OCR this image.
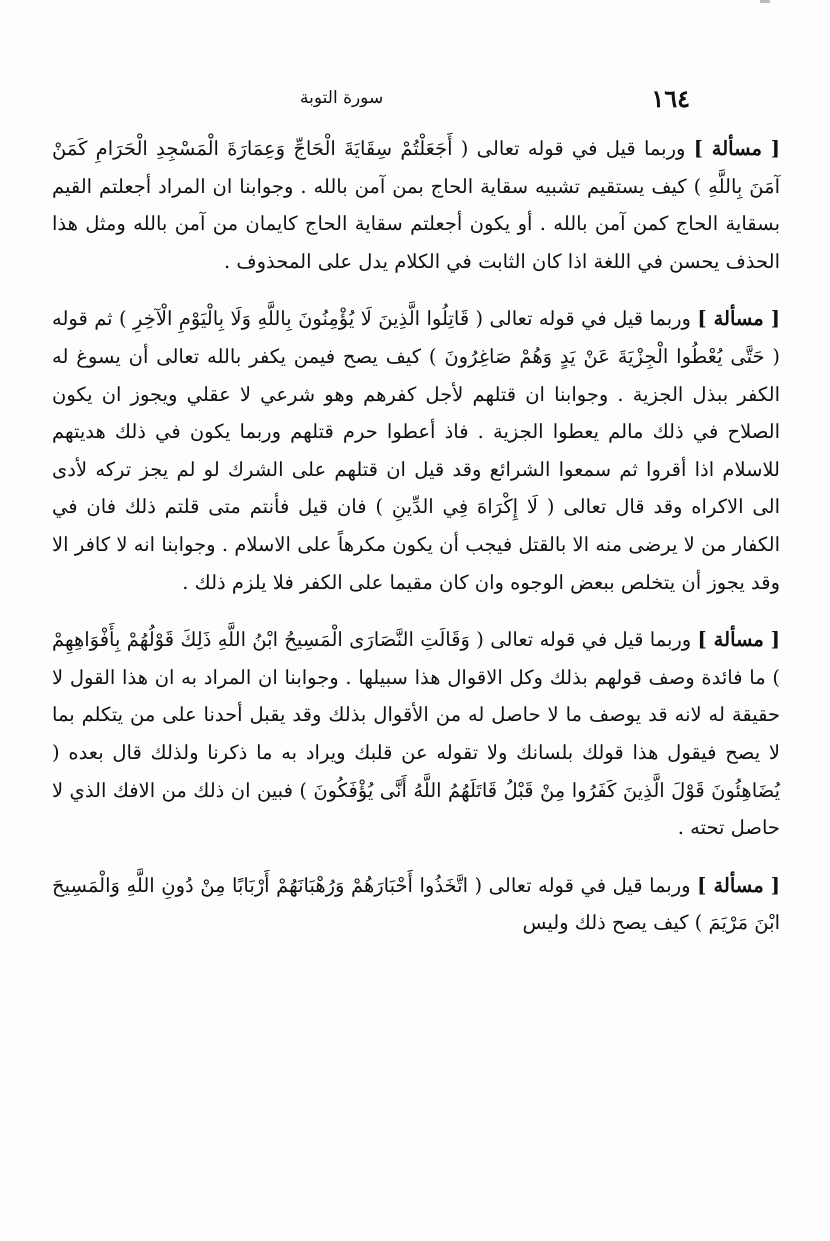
١٦٤
سورة التوبة

[ مسألة ] وربما قيل في قوله تعالى ( أَجَعَلْتُمْ سِقَايَةَ الْحَاجِّ وَعِمَارَةَ الْمَسْجِدِ الْحَرَامِ كَمَنْ آمَنَ بِاللَّهِ ) كيف يستقيم تشبيه سقاية الحاج بمن آمن بالله . وجوابنا ان المراد أجعلتم القيم بسقاية الحاج كمن آمن بالله . أو يكون أجعلتم سقاية الحاج كايمان من آمن بالله ومثل هذا الحذف يحسن في اللغة اذا كان الثابت في الكلام يدل على المحذوف .

[ مسألة ] وربما قيل في قوله تعالى ( قَاتِلُوا الَّذِينَ لَا يُؤْمِنُونَ بِاللَّهِ وَلَا بِالْيَوْمِ الْآخِرِ ) ثم قوله ( حَتَّى يُعْطُوا الْجِزْيَةَ عَنْ يَدٍ وَهُمْ صَاغِرُونَ ) كيف يصح فيمن يكفر بالله تعالى أن يسوغ له الكفر ببذل الجزية . وجوابنا ان قتلهم لأجل كفرهم وهو شرعي لا عقلي ويجوز ان يكون الصلاح في ذلك مالم يعطوا الجزية . فاذ أعطوا حرم قتلهم وربما يكون في ذلك هديتهم للاسلام اذا أقروا ثم سمعوا الشرائع وقد قيل ان قتلهم على الشرك لو لم يجز تركه لأدى الى الاكراه وقد قال تعالى ( لَا إِكْرَاهَ فِي الدِّينِ ) فان قيل فأنتم متى قلتم ذلك فان في الكفار من لا يرضى منه الا بالقتل فيجب أن يكون مكرهاً على الاسلام . وجوابنا انه لا كافر الا وقد يجوز أن يتخلص ببعض الوجوه وان كان مقيما على الكفر فلا يلزم ذلك .

[ مسألة ] وربما قيل في قوله تعالى ( وَقَالَتِ النَّصَارَى الْمَسِيحُ ابْنُ اللَّهِ ذَلِكَ قَوْلُهُمْ بِأَفْوَاهِهِمْ ) ما فائدة وصف قولهم بذلك وكل الاقوال هذا سبيلها . وجوابنا ان المراد به ان هذا القول لا حقيقة له لانه قد يوصف ما لا حاصل له من الأقوال بذلك وقد يقبل أحدنا على من يتكلم بما لا يصح فيقول هذا قولك بلسانك ولا تقوله عن قلبك ويراد به ما ذكرنا ولذلك قال بعده ( يُضَاهِئُونَ قَوْلَ الَّذِينَ كَفَرُوا مِنْ قَبْلُ قَاتَلَهُمُ اللَّهُ أَنَّى يُؤْفَكُونَ ) فبين ان ذلك من الافك الذي لا حاصل تحته .

[ مسألة ] وربما قيل في قوله تعالى ( اتَّخَذُوا أَحْبَارَهُمْ وَرُهْبَانَهُمْ أَرْبَابًا مِنْ دُونِ اللَّهِ وَالْمَسِيحَ ابْنَ مَرْيَمَ ) كيف يصح ذلك وليس
